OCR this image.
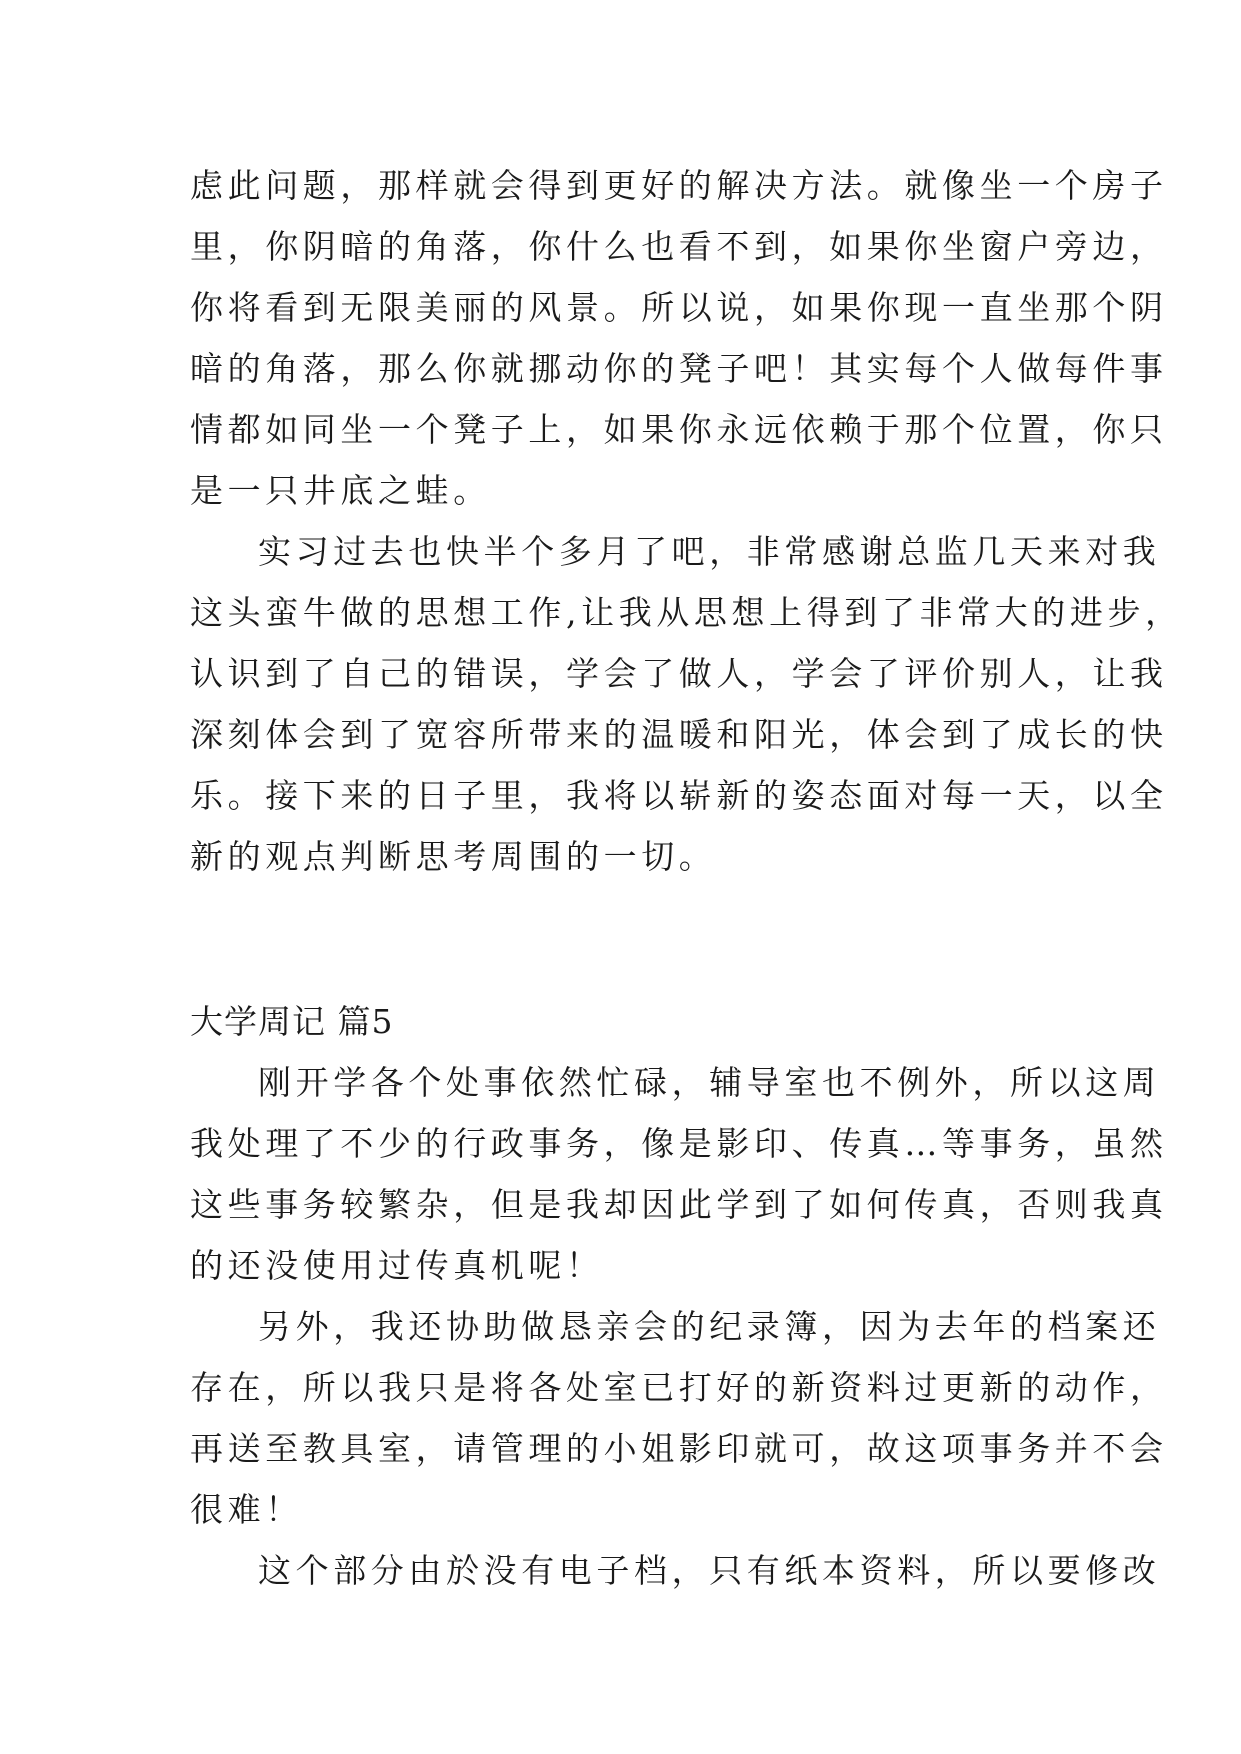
虑此问题，那样就会得到更好的解决方法。就像坐一个房子
里，你阴暗的角落，你什么也看不到，如果你坐窗户旁边，
你将看到无限美丽的风景。所以说，如果你现一直坐那个阴
暗的角落，那么你就挪动你的凳子吧！其实每个人做每件事
情都如同坐一个凳子上，如果你永远依赖于那个位置，你只
是一只井底之蛙。
实习过去也快半个多月了吧，非常感谢总监几天来对我
这头蛮牛做的思想工作,让我从思想上得到了非常大的进步，
认识到了自己的错误，学会了做人，学会了评价别人，让我
深刻体会到了宽容所带来的温暖和阳光，体会到了成长的快
乐。接下来的日子里，我将以崭新的姿态面对每一天，以全
新的观点判断思考周围的一切。
大学周记 篇5
刚开学各个处事依然忙碌，辅导室也不例外，所以这周
我处理了不少的行政事务，像是影印、传真…等事务，虽然
这些事务较繁杂，但是我却因此学到了如何传真，否则我真
的还没使用过传真机呢！
另外，我还协助做恳亲会的纪录簿，因为去年的档案还
存在，所以我只是将各处室已打好的新资料过更新的动作，
再送至教具室，请管理的小姐影印就可，故这项事务并不会
很难！
这个部分由於没有电子档，只有纸本资料，所以要修改
